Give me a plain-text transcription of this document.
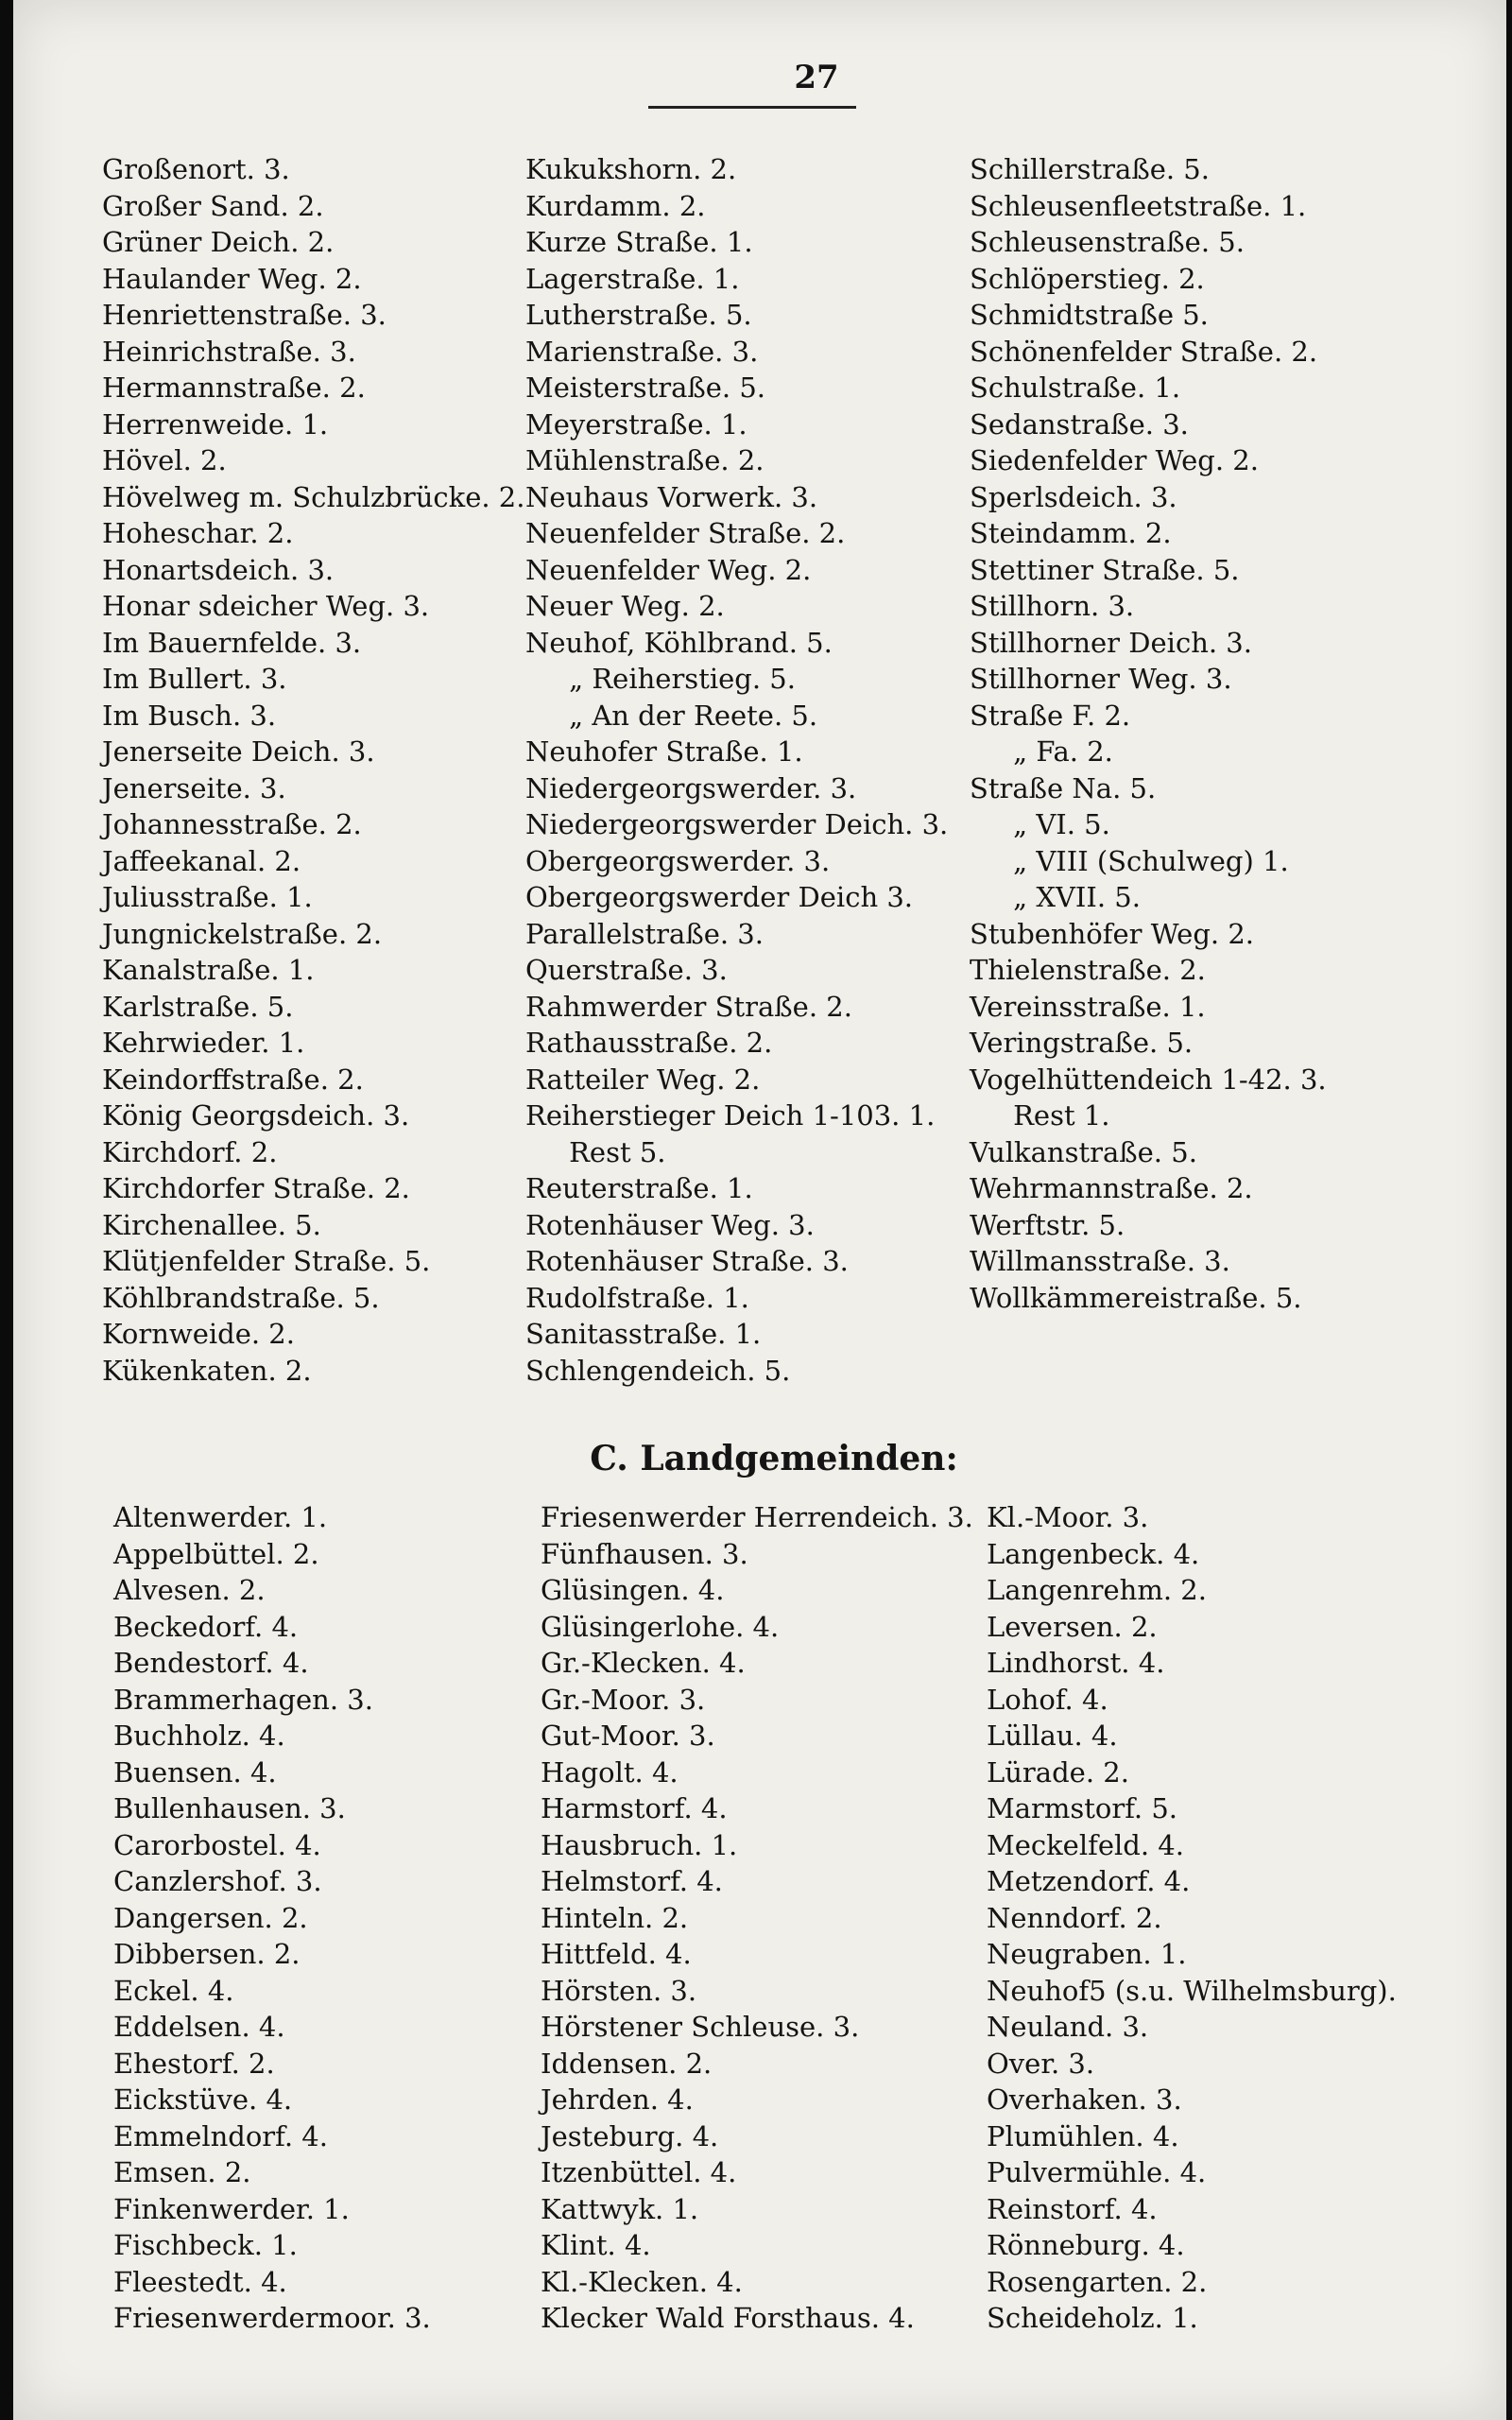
27
Großenort. 3.
Großer Sand. 2.
Grüner Deich. 2.
Haulander Weg. 2.
Henriettenstraße. 3.
Heinrichstraße. 3.
Hermannstraße. 2.
Herrenweide. 1.
Hövel. 2.
Hövelweg m. Schulzbrücke. 2.
Hoheschar. 2.
Honartsdeich. 3.
Honar sdeicher Weg. 3.
Im Bauernfelde. 3.
Im Bullert. 3.
Im Busch. 3.
Jenerseite Deich. 3.
Jenerseite. 3.
Johannesstraße. 2.
Jaffeekanal. 2.
Juliusstraße. 1.
Jungnickelstraße. 2.
Kanalstraße. 1.
Karlstraße. 5.
Kehrwieder. 1.
Keindorffstraße. 2.
König Georgsdeich. 3.
Kirchdorf. 2.
Kirchdorfer Straße. 2.
Kirchenallee. 5.
Klütjenfelder Straße. 5.
Köhlbrandstraße. 5.
Kornweide. 2.
Kükenkaten. 2.
Kukukshorn. 2.
Kurdamm. 2.
Kurze Straße. 1.
Lagerstraße. 1.
Lutherstraße. 5.
Marienstraße. 3.
Meisterstraße. 5.
Meyerstraße. 1.
Mühlenstraße. 2.
Neuhaus Vorwerk. 3.
Neuenfelder Straße. 2.
Neuenfelder Weg. 2.
Neuer Weg. 2.
Neuhof, Köhlbrand. 5.
„ Reiherstieg. 5.
„ An der Reete. 5.
Neuhofer Straße. 1.
Niedergeorgswerder. 3.
Niedergeorgswerder Deich. 3.
Obergeorgswerder. 3.
Obergeorgswerder Deich 3.
Parallelstraße. 3.
Querstraße. 3.
Rahmwerder Straße. 2.
Rathausstraße. 2.
Ratteiler Weg. 2.
Reiherstieger Deich 1-103. 1.
Rest 5.
Reuterstraße. 1.
Rotenhäuser Weg. 3.
Rotenhäuser Straße. 3.
Rudolfstraße. 1.
Sanitasstraße. 1.
Schlengendeich. 5.
Schillerstraße. 5.
Schleusenfleetstraße. 1.
Schleusenstraße. 5.
Schlöperstieg. 2.
Schmidtstraße 5.
Schönenfelder Straße. 2.
Schulstraße. 1.
Sedanstraße. 3.
Siedenfelder Weg. 2.
Sperlsdeich. 3.
Steindamm. 2.
Stettiner Straße. 5.
Stillhorn. 3.
Stillhorner Deich. 3.
Stillhorner Weg. 3.
Straße F. 2.
„ Fa. 2.
Straße Na. 5.
„ VI. 5.
„ VIII (Schulweg) 1.
„ XVII. 5.
Stubenhöfer Weg. 2.
Thielenstraße. 2.
Vereinsstraße. 1.
Veringstraße. 5.
Vogelhüttendeich 1-42. 3.
Rest 1.
Vulkanstraße. 5.
Wehrmannstraße. 2.
Werftstr. 5.
Willmansstraße. 3.
Wollkämmereistraße. 5.
C. Landgemeinden:
Altenwerder. 1.
Appelbüttel. 2.
Alvesen. 2.
Beckedorf. 4.
Bendestorf. 4.
Brammerhagen. 3.
Buchholz. 4.
Buensen. 4.
Bullenhausen. 3.
Carorbostel. 4.
Canzlershof. 3.
Dangersen. 2.
Dibbersen. 2.
Eckel. 4.
Eddelsen. 4.
Ehestorf. 2.
Eickstüve. 4.
Emmelndorf. 4.
Emsen. 2.
Finkenwerder. 1.
Fischbeck. 1.
Fleestedt. 4.
Friesenwerdermoor. 3.
Friesenwerder Herrendeich. 3.
Fünfhausen. 3.
Glüsingen. 4.
Glüsingerlohe. 4.
Gr.-Klecken. 4.
Gr.-Moor. 3.
Gut-Moor. 3.
Hagolt. 4.
Harmstorf. 4.
Hausbruch. 1.
Helmstorf. 4.
Hinteln. 2.
Hittfeld. 4.
Hörsten. 3.
Hörstener Schleuse. 3.
Iddensen. 2.
Jehrden. 4.
Jesteburg. 4.
Itzenbüttel. 4.
Kattwyk. 1.
Klint. 4.
Kl.-Klecken. 4.
Klecker Wald Forsthaus. 4.
Kl.-Moor. 3.
Langenbeck. 4.
Langenrehm. 2.
Leversen. 2.
Lindhorst. 4.
Lohof. 4.
Lüllau. 4.
Lürade. 2.
Marmstorf. 5.
Meckelfeld. 4.
Metzendorf. 4.
Nenndorf. 2.
Neugraben. 1.
Neuhof5 (s.u. Wilhelmsburg).
Neuland. 3.
Over. 3.
Overhaken. 3.
Plumühlen. 4.
Pulvermühle. 4.
Reinstorf. 4.
Rönneburg. 4.
Rosengarten. 2.
Scheideholz. 1.
